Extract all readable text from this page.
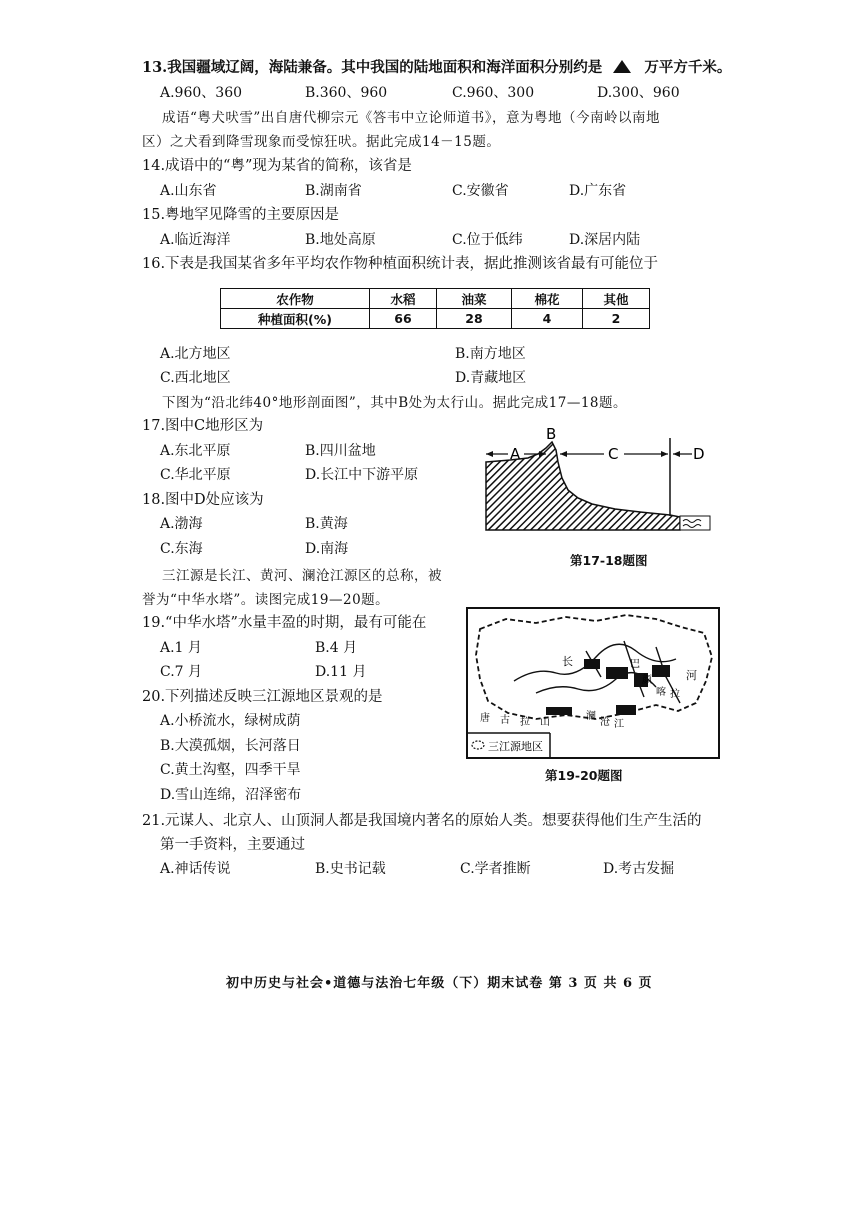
13.我国疆域辽阔，海陆兼备。其中我国的陆地面积和海洋面积分别约是	万平方千米。
A.960、360	B.360、960	C.960、300	D.300、960
成语“粤犬吠雪”出自唐代柳宗元《答韦中立论师道书》，意为粤地（今南岭以南地
区）之犬看到降雪现象而受惊狂吠。据此完成14－15题。
14.成语中的“粤”现为某省的简称，该省是
A.山东省	B.湖南省	C.安徽省	D.广东省
15.粤地罕见降雪的主要原因是
A.临近海洋	B.地处高原	C.位于低纬	D.深居内陆
16.下表是我国某省多年平均农作物种植面积统计表，据此推测该省最有可能位于
农作物	水稻	油菜	棉花	其他
种植面积(%)	66	28	4	2
A.北方地区	B.南方地区
C.西北地区	D.青藏地区
下图为“沿北纬40°地形剖面图”，其中B处为太行山。据此完成17—18题。
17.图中C地形区为
A.东北平原	B.四川盆地
C.华北平原	D.长江中下游平原
18.图中D处应该为
A.渤海	B.黄海
C.东海	D.南海
A
B
C	D
第17-18题图
三江源是长江、黄河、澜沧江源区的总称，被
誉为“中华水塔”。读图完成19—20题。
19.“中华水塔”水量丰盈的时期，最有可能在
A.1 月	B.4 月
C.7 月	D.11 月
20.下列描述反映三江源地区景观的是
A.小桥流水，绿树成荫
B.大漠孤烟，长河落日
C.黄土沟壑，四季干旱
D.雪山连绵，沼泽密布
长
河
唐 古 拉 山
巴
颜
喀 拉
澜
沧 江
三江源地区
第19-20题图
21.元谋人、北京人、山顶洞人都是我国境内著名的原始人类。想要获得他们生产生活的
第一手资料，主要通过
A.神话传说	B.史书记载	C.学者推断	D.考古发掘
初中历史与社会•道德与法治七年级（下）期末试卷 第 3 页 共 6 页
